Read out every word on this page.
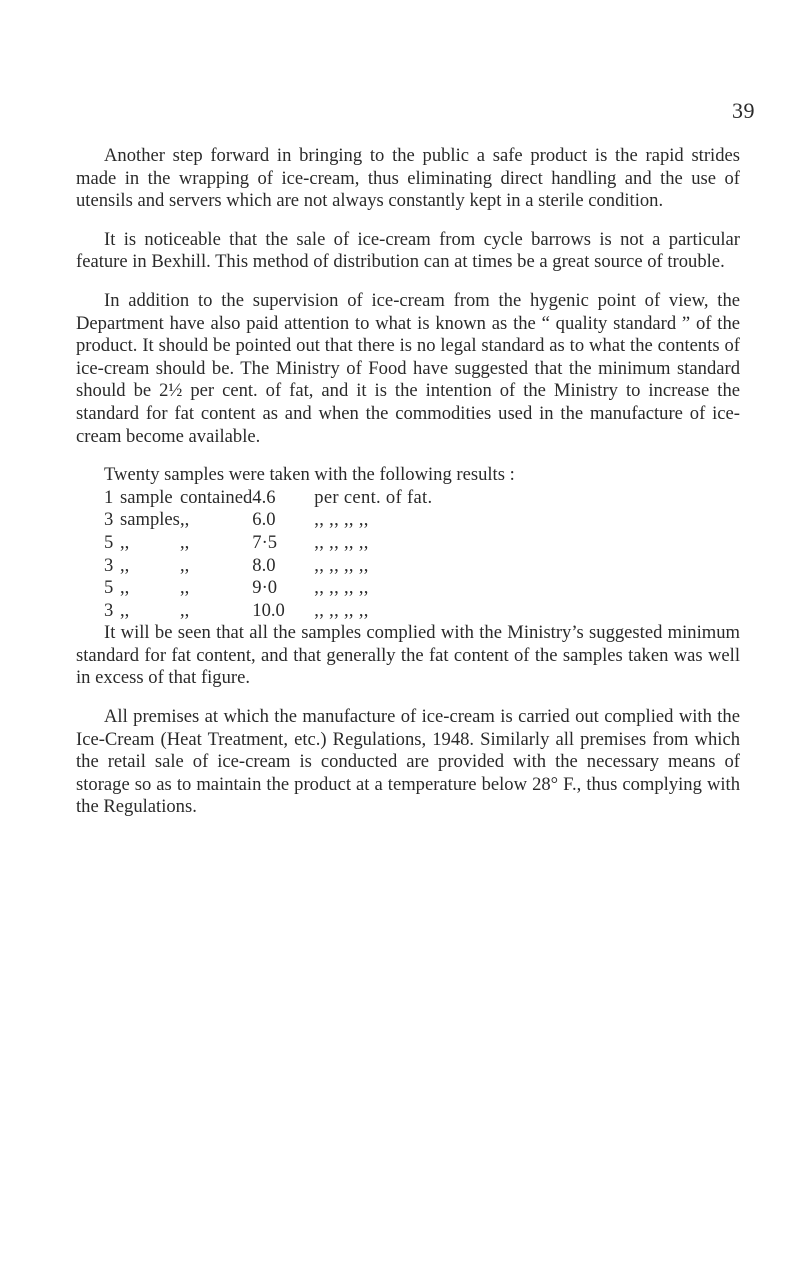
39

Another step forward in bringing to the public a safe product is the rapid strides made in the wrapping of ice-cream, thus eliminating direct handling and the use of utensils and servers which are not always constantly kept in a sterile condition.

It is noticeable that the sale of ice-cream from cycle barrows is not a particular feature in Bexhill. This method of distribution can at times be a great source of trouble.

In addition to the supervision of ice-cream from the hygenic point of view, the Department have also paid attention to what is known as the “ quality standard ” of the product. It should be pointed out that there is no legal standard as to what the contents of ice-cream should be. The Ministry of Food have suggested that the minimum standard should be 2½ per cent. of fat, and it is the intention of the Ministry to increase the standard for fat content as and when the commodities used in the manufacture of ice-cream become available.

Twenty samples were taken with the following results :

1	sample	contained	4.6	per cent. of fat.
3	samples	,,	6.0	,, ,, ,, ,,
5	,,	,,	7·5	,, ,, ,, ,,
3	,,	,,	8.0	,, ,, ,, ,,
5	,,	,,	9·0	,, ,, ,, ,,
3	,,	,,	10.0	,, ,, ,, ,,

It will be seen that all the samples complied with the Ministry’s suggested minimum standard for fat content, and that generally the fat content of the samples taken was well in excess of that figure.

All premises at which the manufacture of ice-cream is carried out complied with the Ice-Cream (Heat Treatment, etc.) Regulations, 1948. Similarly all premises from which the retail sale of ice-cream is conducted are provided with the necessary means of storage so as to maintain the product at a temperature below 28° F., thus complying with the Regulations.
